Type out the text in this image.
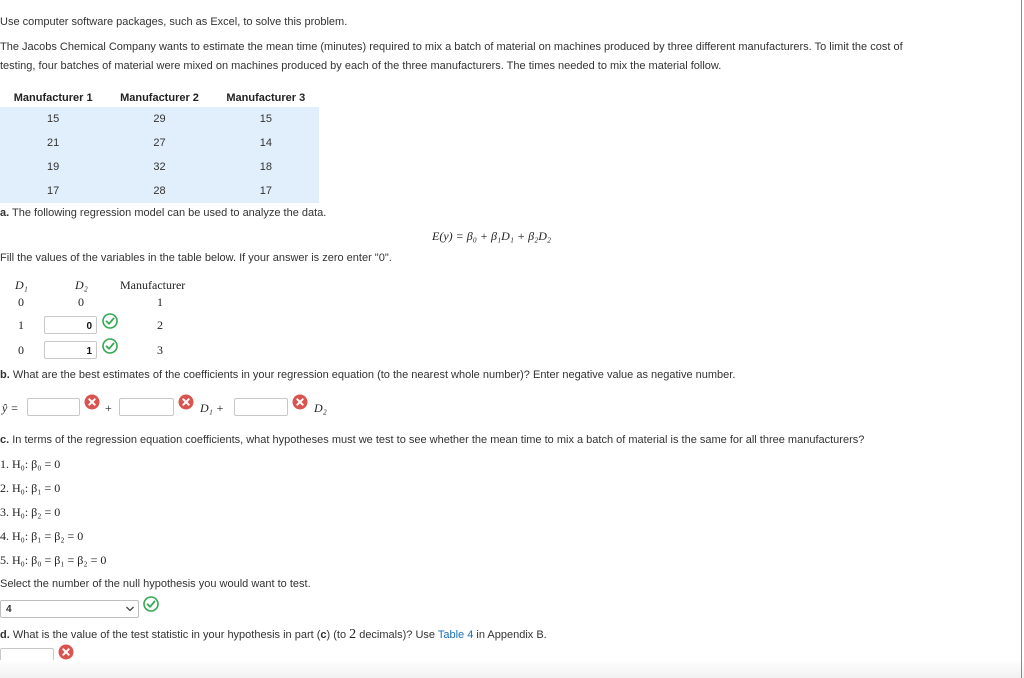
Use computer software packages, such as Excel, to solve this problem.
The Jacobs Chemical Company wants to estimate the mean time (minutes) required to mix a batch of material on machines produced by three different manufacturers. To limit the cost of
testing, four batches of material were mixed on machines produced by each of the three manufacturers. The times needed to mix the material follow.
Manufacturer 1	Manufacturer 2	Manufacturer 3
15	29	15
21	27	14
19	32	18
17	28	17
a. The following regression model can be used to analyze the data.
E(y) = β₀ + β₁D₁ + β₂D₂
Fill the values of the variables in the table below. If your answer is zero enter "0".
D₁	D₂	Manufacturer
0	0	1
1	0	2
0	1	3
b. What are the best estimates of the coefficients in your regression equation (to the nearest whole number)? Enter negative value as negative number.
ŷ =	+	D₁ +	D₂
c. In terms of the regression equation coefficients, what hypotheses must we test to see whether the mean time to mix a batch of material is the same for all three manufacturers?
1. H₀: β₀ = 0
2. H₀: β₁ = 0
3. H₀: β₂ = 0
4. H₀: β₁ = β₂ = 0
5. H₀: β₀ = β₁ = β₂ = 0
Select the number of the null hypothesis you would want to test.
4
d. What is the value of the test statistic in your hypothesis in part (c) (to 2 decimals)? Use Table 4 in Appendix B.
